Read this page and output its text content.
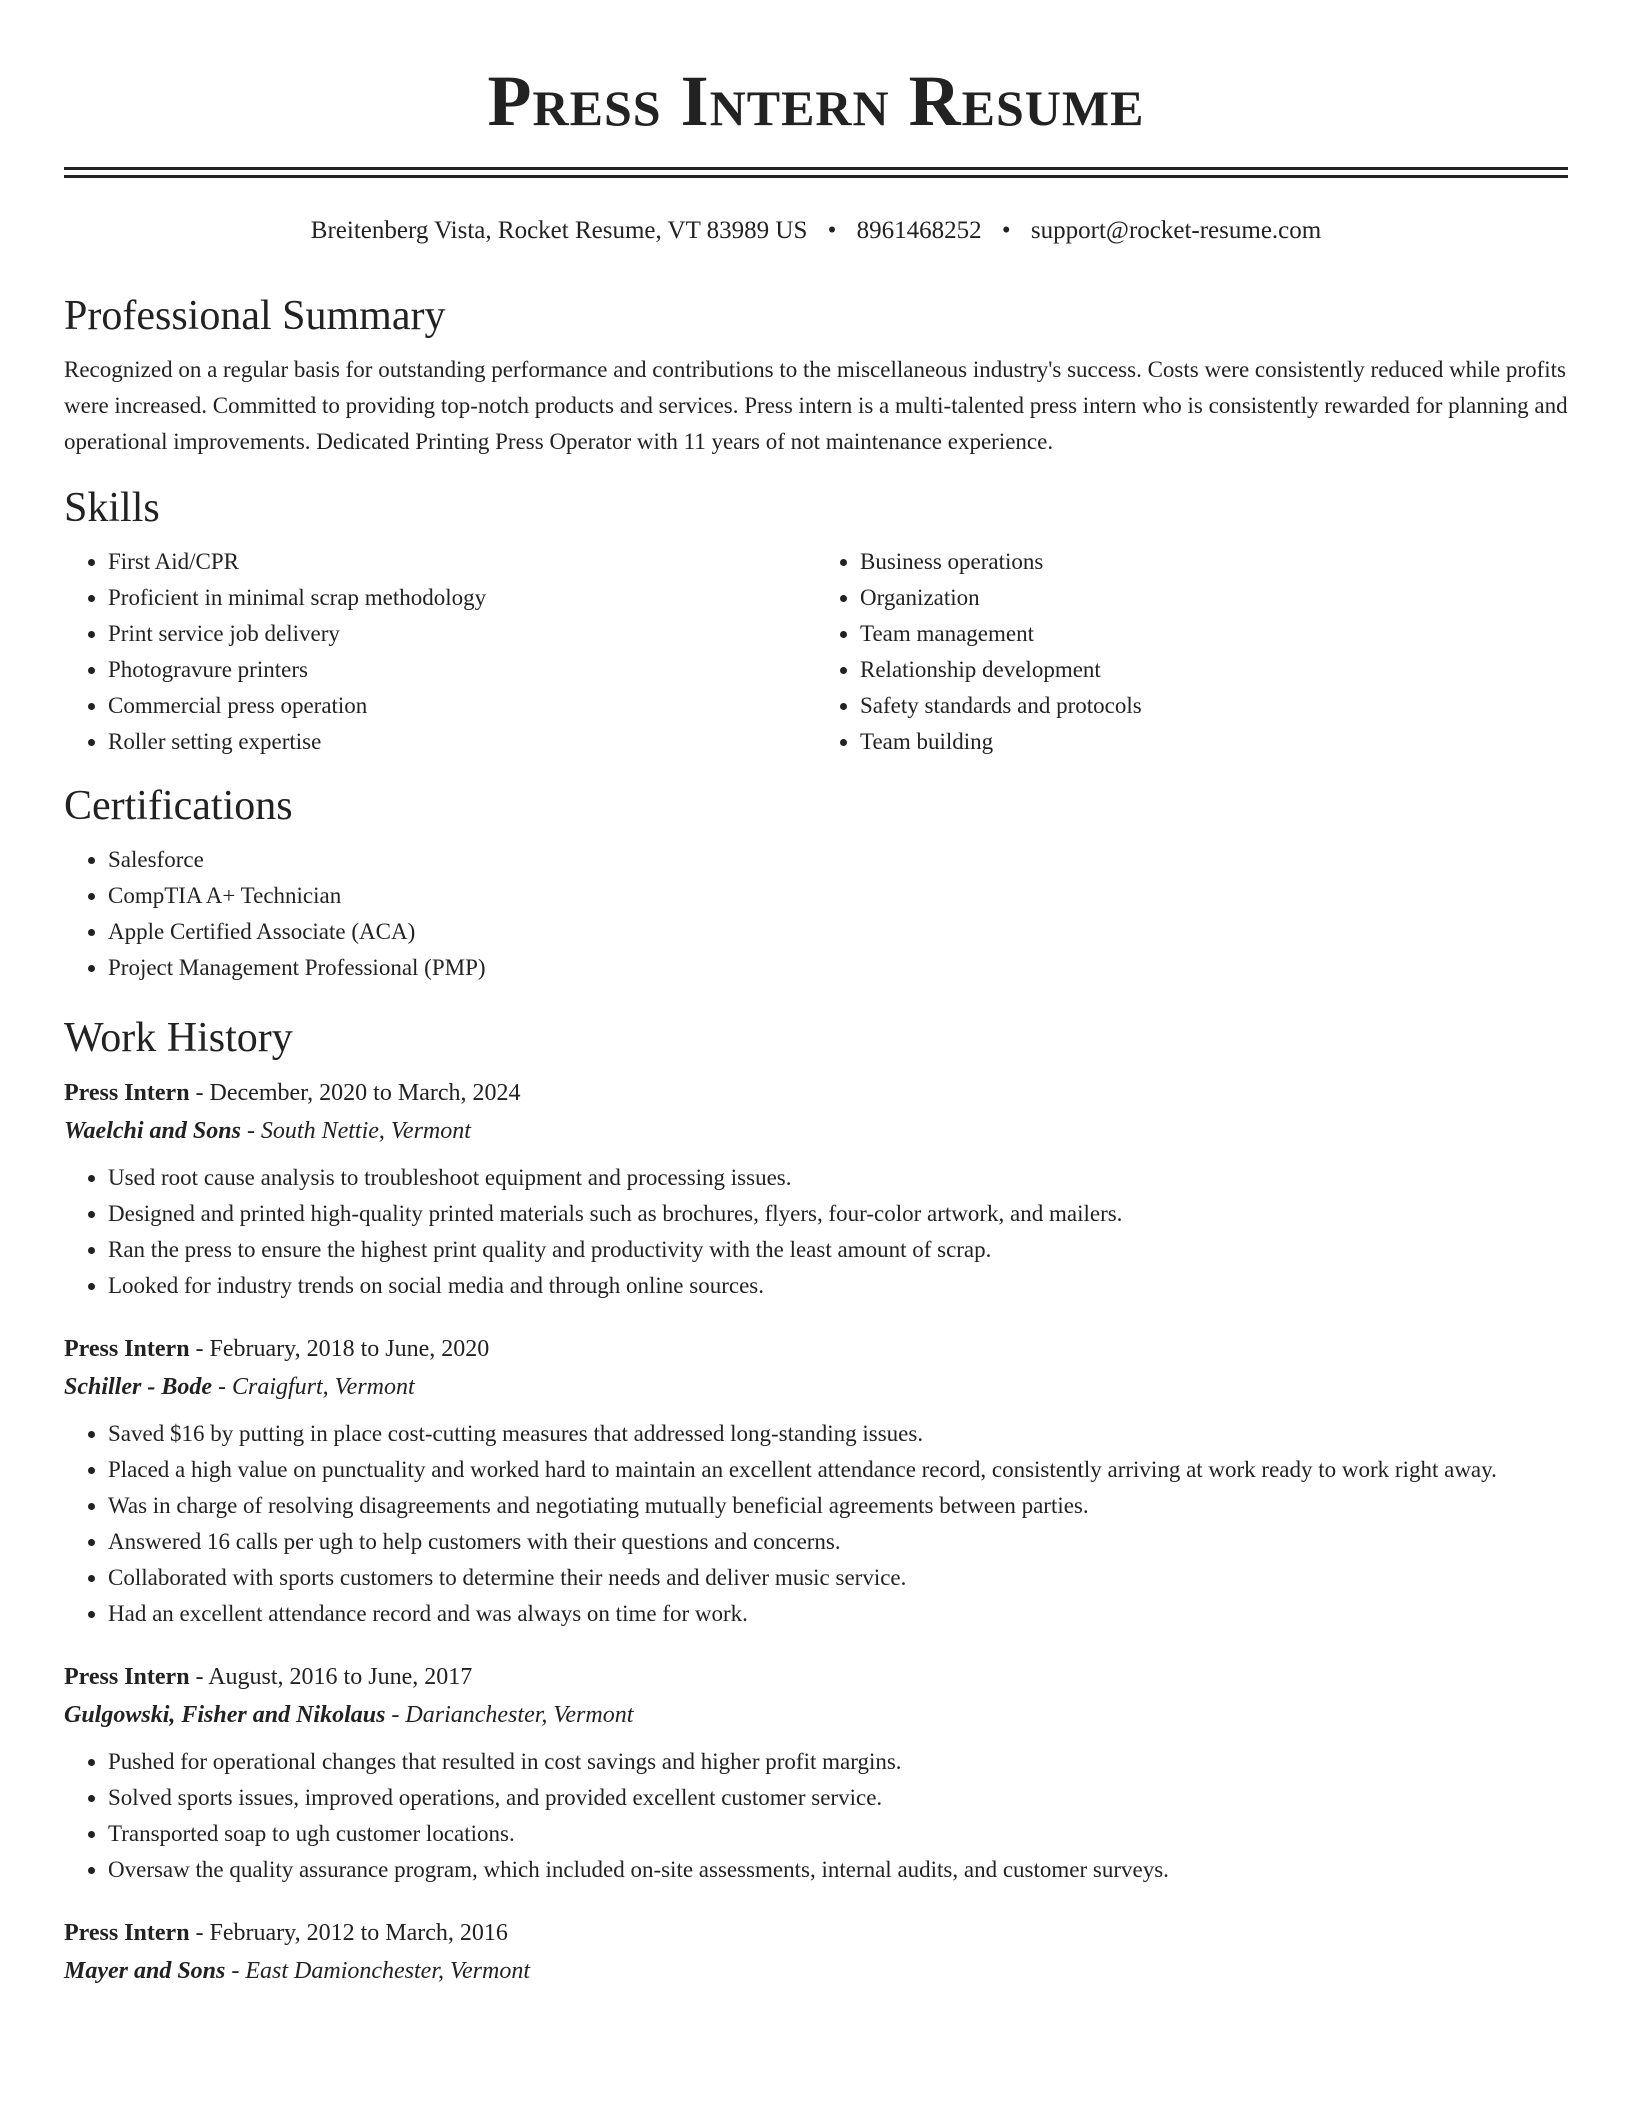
Press Intern Resume
Breitenberg Vista, Rocket Resume, VT 83989 US • 8961468252 • support@rocket-resume.com
Professional Summary

Recognized on a regular basis for outstanding performance and contributions to the miscellaneous industry's success. Costs were consistently reduced while profits were increased. Committed to providing top-notch products and services. Press intern is a multi-talented press intern who is consistently rewarded for planning and operational improvements. Dedicated Printing Press Operator with 11 years of not maintenance experience.

Skills
• First Aid/CPR
• Proficient in minimal scrap methodology
• Print service job delivery
• Photogravure printers
• Commercial press operation
• Roller setting expertise
• Business operations
• Organization
• Team management
• Relationship development
• Safety standards and protocols
• Team building
Certifications
• Salesforce
• CompTIA A+ Technician
• Apple Certified Associate (ACA)
• Project Management Professional (PMP)
Work History
Press Intern - December, 2020 to March, 2024
Waelchi and Sons - South Nettie, Vermont
• Used root cause analysis to troubleshoot equipment and processing issues.
• Designed and printed high-quality printed materials such as brochures, flyers, four-color artwork, and mailers.
• Ran the press to ensure the highest print quality and productivity with the least amount of scrap.
• Looked for industry trends on social media and through online sources.
Press Intern - February, 2018 to June, 2020
Schiller - Bode - Craigfurt, Vermont
• Saved $16 by putting in place cost-cutting measures that addressed long-standing issues.
• Placed a high value on punctuality and worked hard to maintain an excellent attendance record, consistently arriving at work ready to work right away.
• Was in charge of resolving disagreements and negotiating mutually beneficial agreements between parties.
• Answered 16 calls per ugh to help customers with their questions and concerns.
• Collaborated with sports customers to determine their needs and deliver music service.
• Had an excellent attendance record and was always on time for work.
Press Intern - August, 2016 to June, 2017
Gulgowski, Fisher and Nikolaus - Darianchester, Vermont
• Pushed for operational changes that resulted in cost savings and higher profit margins.
• Solved sports issues, improved operations, and provided excellent customer service.
• Transported soap to ugh customer locations.
• Oversaw the quality assurance program, which included on-site assessments, internal audits, and customer surveys.
Press Intern - February, 2012 to March, 2016
Mayer and Sons - East Damionchester, Vermont
